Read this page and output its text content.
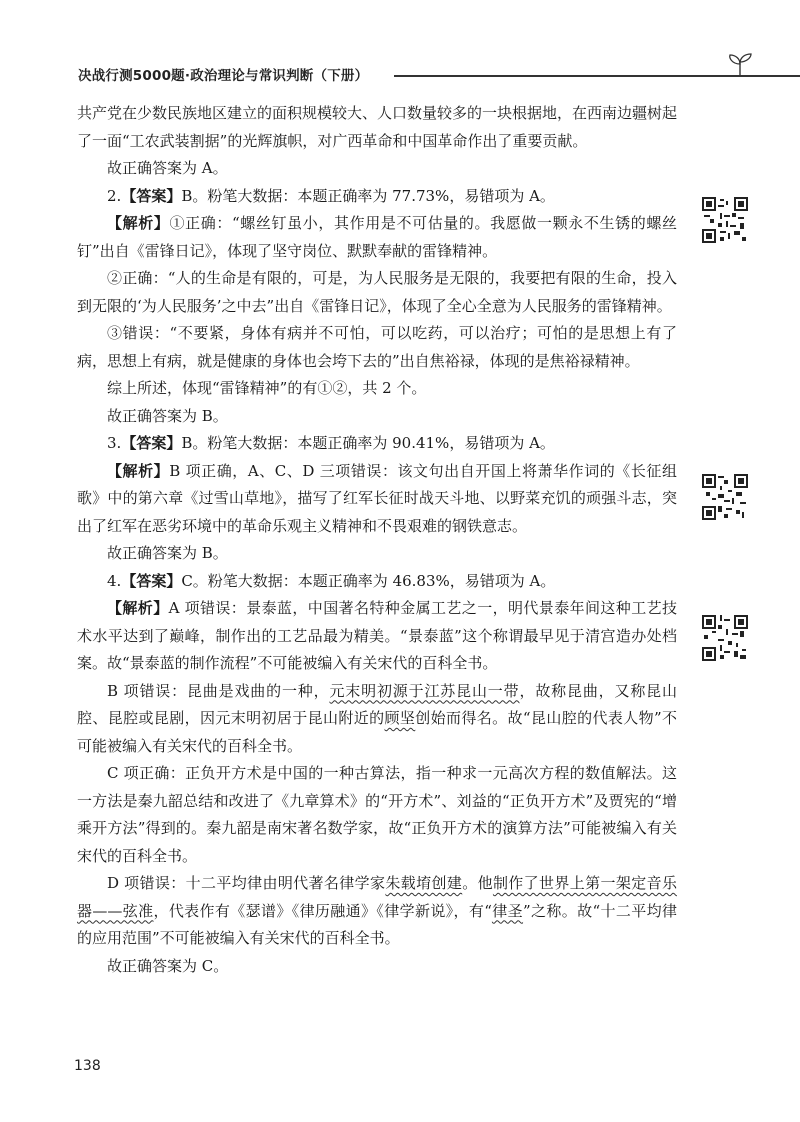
决战行测5000题·政治理论与常识判断（下册）

共产党在少数民族地区建立的面积规模较大、人口数量较多的一块根据地，在西南边疆树起了一面“工农武装割据”的光辉旗帜，对广西革命和中国革命作出了重要贡献。

故正确答案为 A。

2.【答案】B。粉笔大数据：本题正确率为 77.73%，易错项为 A。

【解析】①正确：“螺丝钉虽小，其作用是不可估量的。我愿做一颗永不生锈的螺丝钉”出自《雷锋日记》，体现了坚守岗位、默默奉献的雷锋精神。

②正确：“人的生命是有限的，可是，为人民服务是无限的，我要把有限的生命，投入到无限的‘为人民服务’之中去”出自《雷锋日记》，体现了全心全意为人民服务的雷锋精神。

③错误：“不要紧，身体有病并不可怕，可以吃药，可以治疗；可怕的是思想上有了病，思想上有病，就是健康的身体也会垮下去的”出自焦裕禄，体现的是焦裕禄精神。

综上所述，体现“雷锋精神”的有①②，共 2 个。

故正确答案为 B。

3.【答案】B。粉笔大数据：本题正确率为 90.41%，易错项为 A。

【解析】B 项正确，A、C、D 三项错误：该文句出自开国上将萧华作词的《长征组歌》中的第六章《过雪山草地》，描写了红军长征时战天斗地、以野菜充饥的顽强斗志，突出了红军在恶劣环境中的革命乐观主义精神和不畏艰难的钢铁意志。

故正确答案为 B。

4.【答案】C。粉笔大数据：本题正确率为 46.83%，易错项为 A。

【解析】A 项错误：景泰蓝，中国著名特种金属工艺之一，明代景泰年间这种工艺技术水平达到了巅峰，制作出的工艺品最为精美。“景泰蓝”这个称谓最早见于清宫造办处档案。故“景泰蓝的制作流程”不可能被编入有关宋代的百科全书。

B 项错误：昆曲是戏曲的一种，元末明初源于江苏昆山一带，故称昆曲，又称昆山腔、昆腔或昆剧，因元末明初居于昆山附近的顾坚创始而得名。故“昆山腔的代表人物”不可能被编入有关宋代的百科全书。

C 项正确：正负开方术是中国的一种古算法，指一种求一元高次方程的数值解法。这一方法是秦九韶总结和改进了《九章算术》的“开方术”、刘益的“正负开方术”及贾宪的“增乘开方法”得到的。秦九韶是南宋著名数学家，故“正负开方术的演算方法”可能被编入有关宋代的百科全书。

D 项错误：十二平均律由明代著名律学家朱载堉创建。他制作了世界上第一架定音乐器——弦准，代表作有《瑟谱》《律历融通》《律学新说》，有“律圣”之称。故“十二平均律的应用范围”不可能被编入有关宋代的百科全书。

故正确答案为 C。

138
